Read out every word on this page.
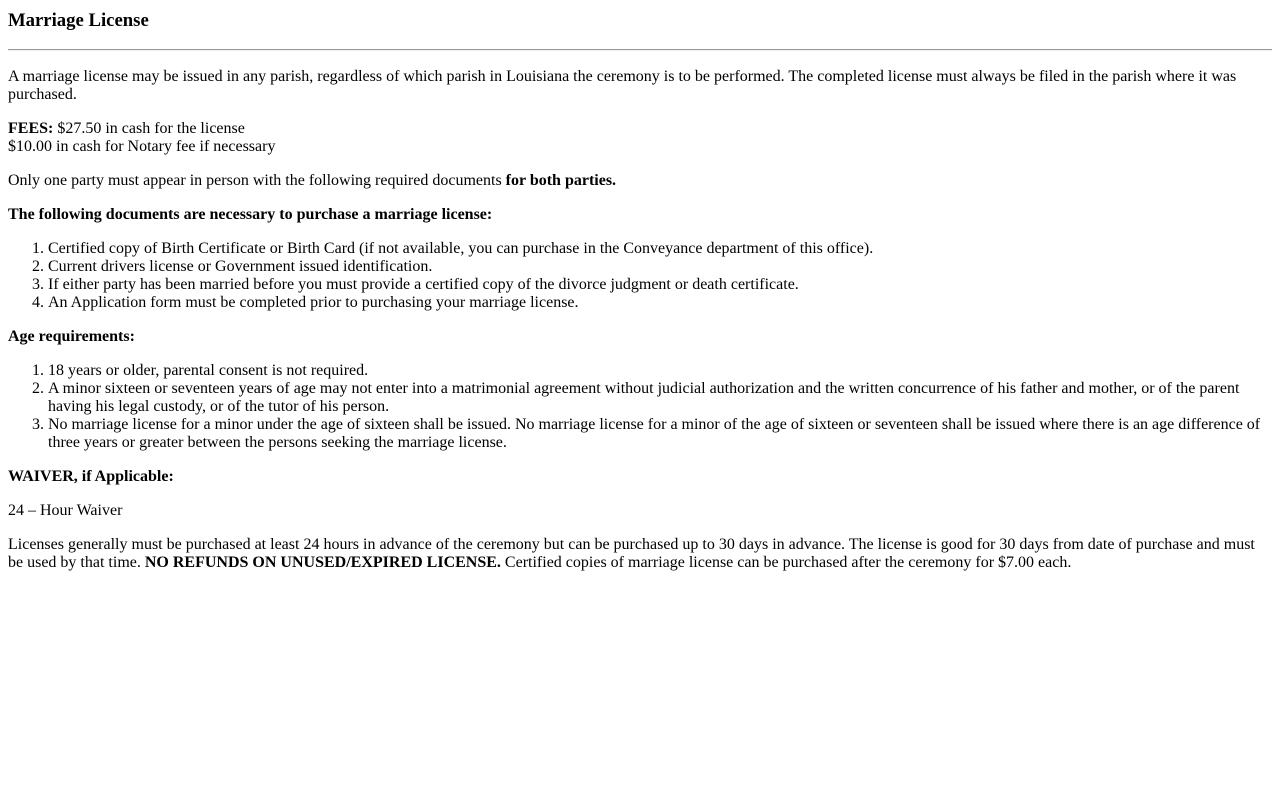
Marriage License

A marriage license may be issued in any parish, regardless of which parish in Louisiana the ceremony is to be performed. The completed license must always be filed in the parish where it was purchased.

FEES: $27.50 in cash for the license
$10.00 in cash for Notary fee if necessary

Only one party must appear in person with the following required documents for both parties.

The following documents are necessary to purchase a marriage license:

1. Certified copy of Birth Certificate or Birth Card (if not available, you can purchase in the Conveyance department of this office).
2. Current drivers license or Government issued identification.
3. If either party has been married before you must provide a certified copy of the divorce judgment or death certificate.
4. An Application form must be completed prior to purchasing your marriage license.

Age requirements:

1. 18 years or older, parental consent is not required.
2. A minor sixteen or seventeen years of age may not enter into a matrimonial agreement without judicial authorization and the written concurrence of his father and mother, or of the parent having his legal custody, or of the tutor of his person.
3. No marriage license for a minor under the age of sixteen shall be issued. No marriage license for a minor of the age of sixteen or seventeen shall be issued where there is an age difference of three years or greater between the persons seeking the marriage license.

WAIVER, if Applicable:

24 – Hour Waiver

Licenses generally must be purchased at least 24 hours in advance of the ceremony but can be purchased up to 30 days in advance. The license is good for 30 days from date of purchase and must be used by that time. NO REFUNDS ON UNUSED/EXPIRED LICENSE. Certified copies of marriage license can be purchased after the ceremony for $7.00 each.
